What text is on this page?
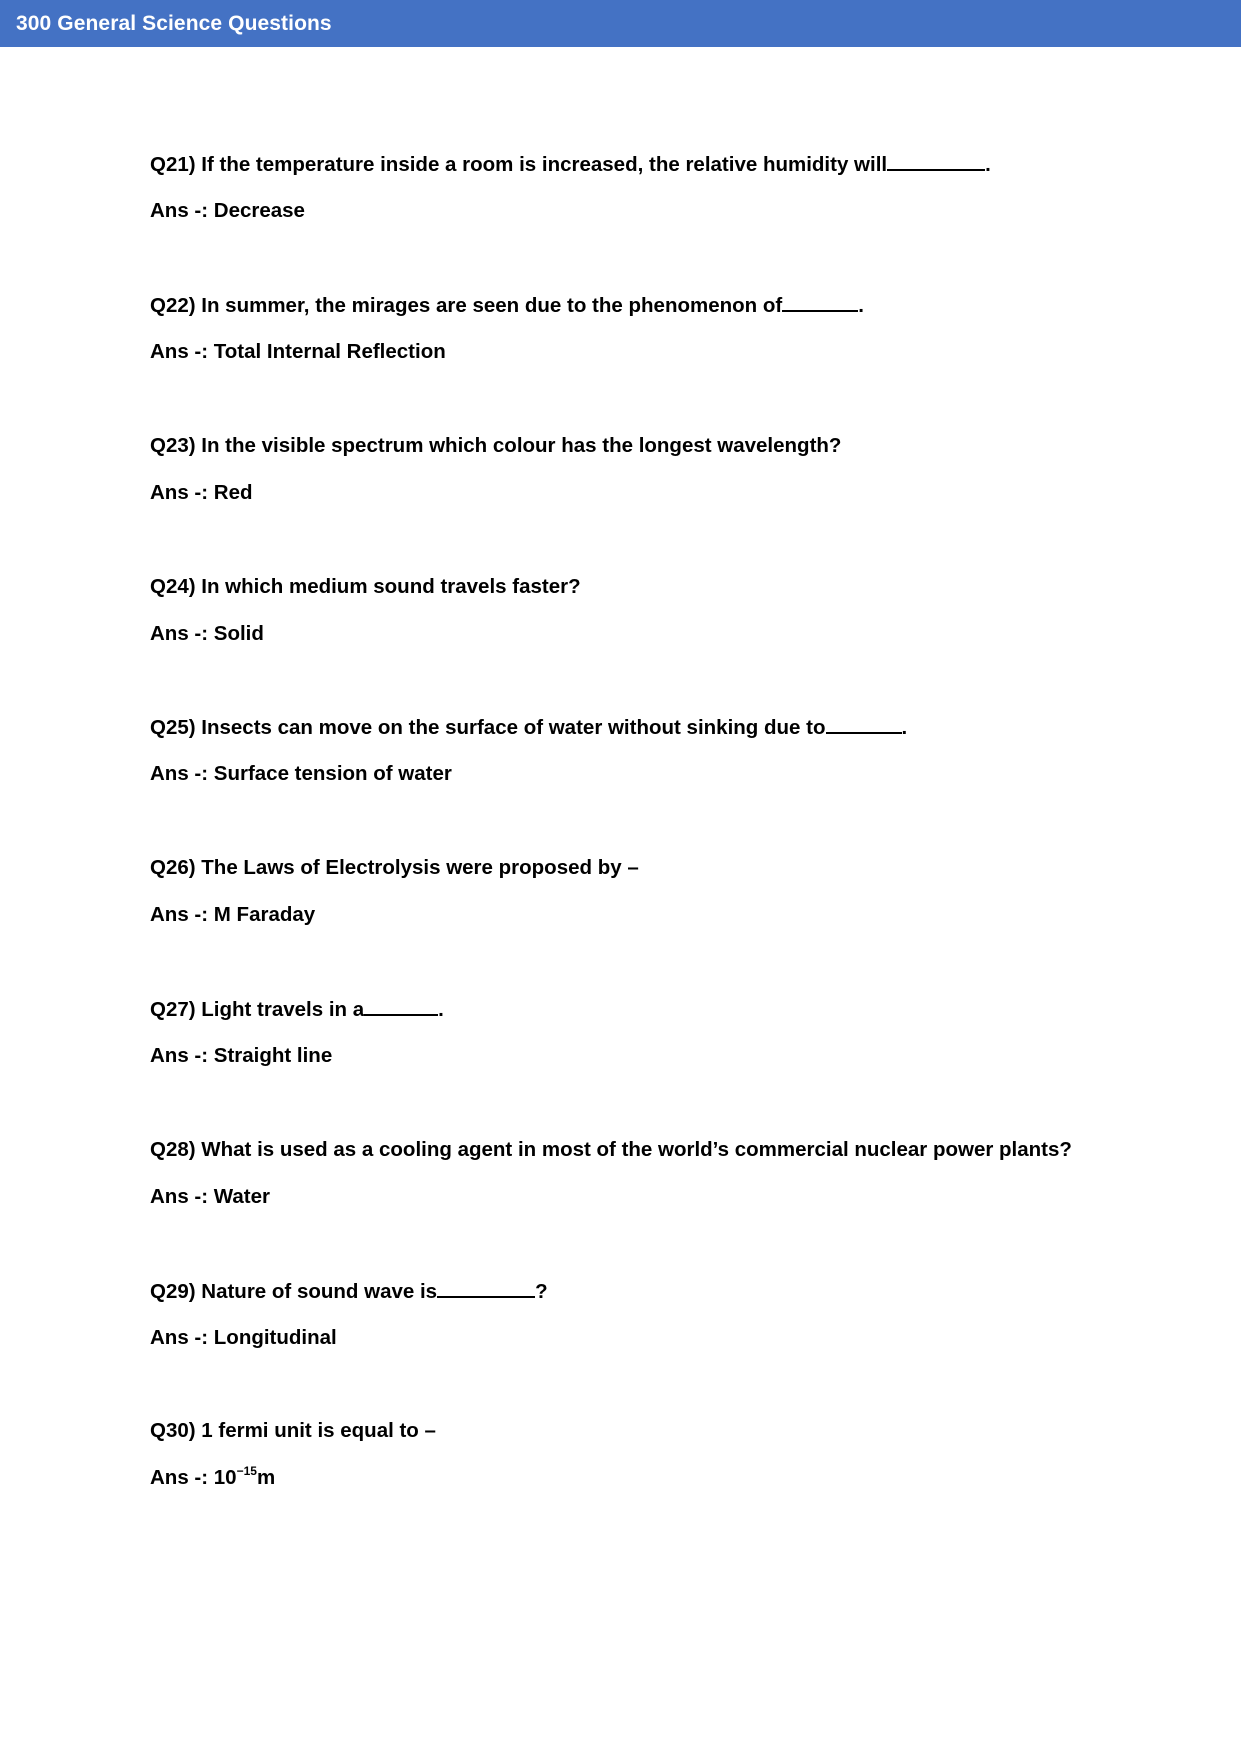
300 General Science Questions
Q21) If the temperature inside a room is increased, the relative humidity will	.
Ans -: Decrease
Q22) In summer, the mirages are seen due to the phenomenon of	.
Ans -: Total Internal Reflection
Q23) In the visible spectrum which colour has the longest wavelength?
Ans -: Red
Q24) In which medium sound travels faster?
Ans -: Solid
Q25) Insects can move on the surface of water without sinking due to	.
Ans -: Surface tension of water
Q26) The Laws of Electrolysis were proposed by –
Ans -: M Faraday
Q27) Light travels in a	.
Ans -: Straight line
Q28) What is used as a cooling agent in most of the world’s commercial nuclear power plants?
Ans -: Water
Q29) Nature of sound wave is	?
Ans -: Longitudinal
Q30) 1 fermi unit is equal to –
Ans -: $10^{-15}m$
